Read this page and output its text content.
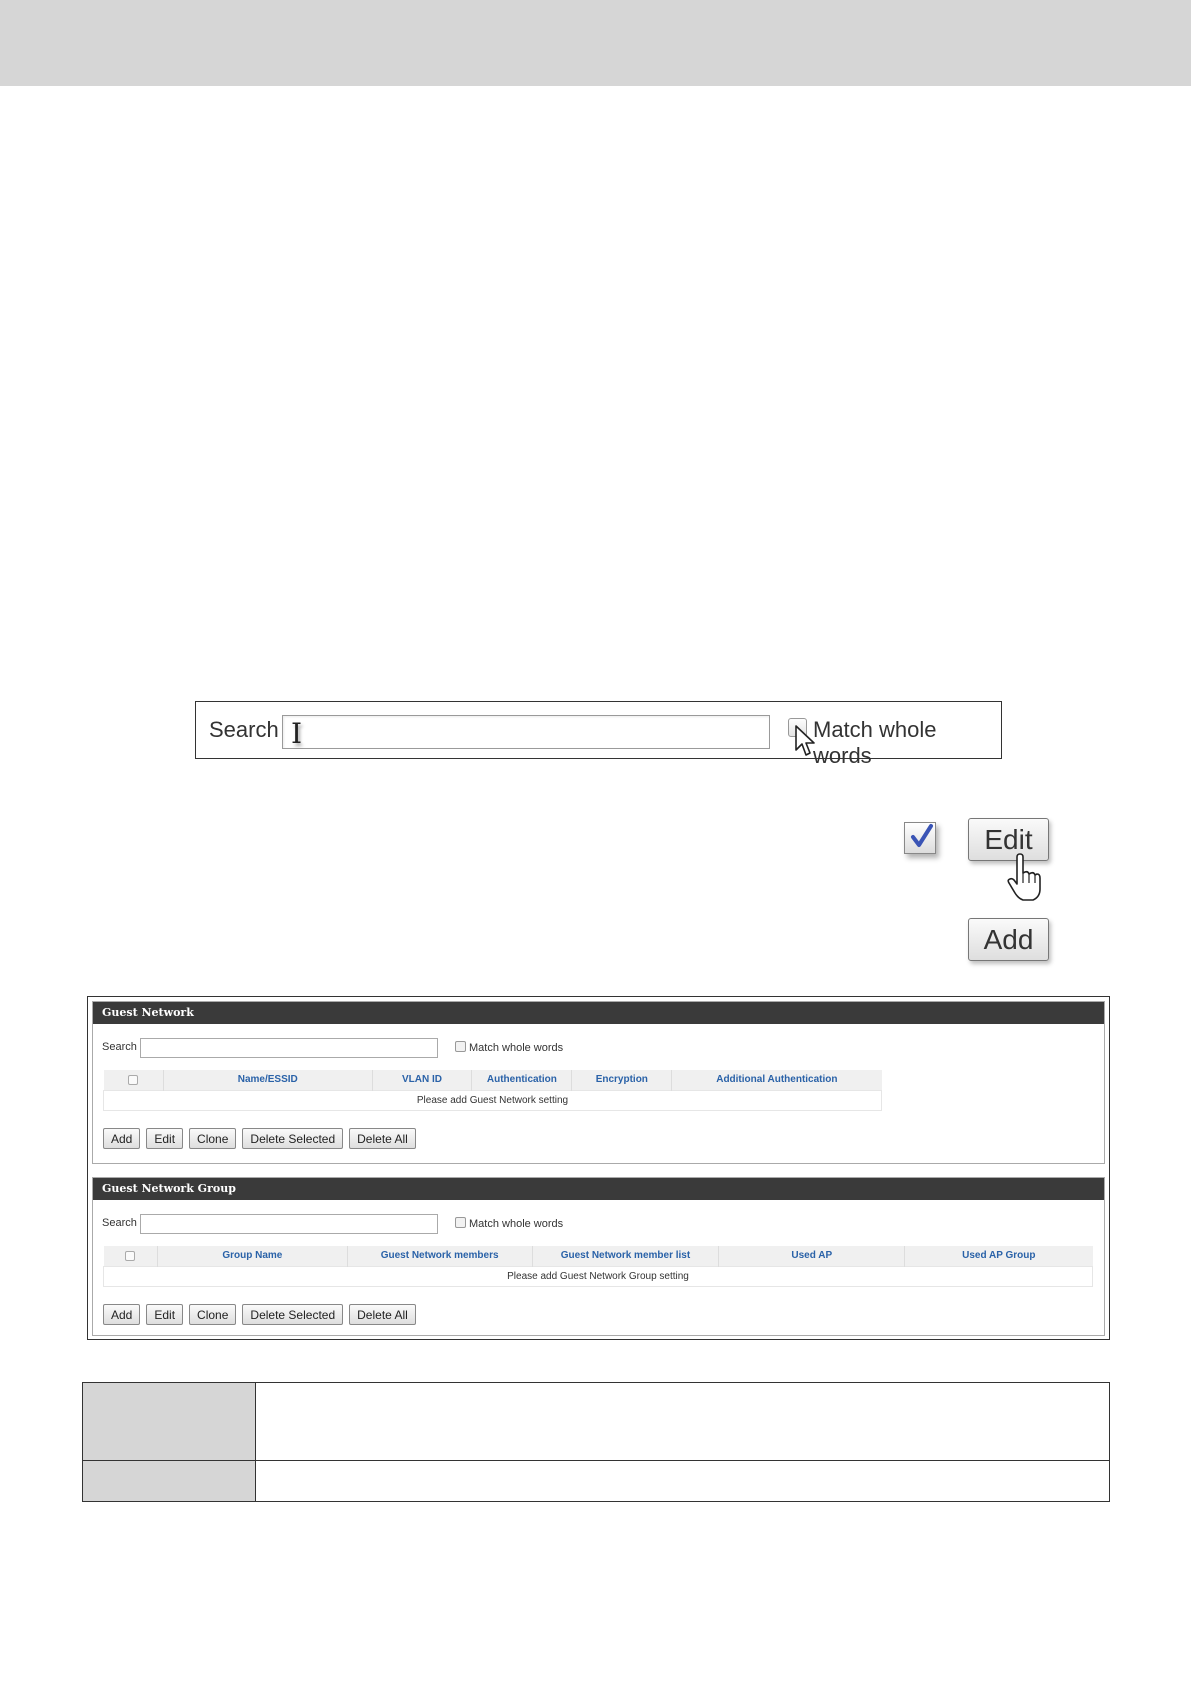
Search I	Match whole words
Edit
Add
Guest Network
Search	Match whole words
	Name/ESSID	VLAN ID	Authentication	Encryption	Additional Authentication
Please add Guest Network setting
Add	Edit	Clone	Delete Selected	Delete All
Guest Network Group
Search	Match whole words
	Group Name	Guest Network members	Guest Network member list	Used AP	Used AP Group
Please add Guest Network Group setting
Add	Edit	Clone	Delete Selected	Delete All
